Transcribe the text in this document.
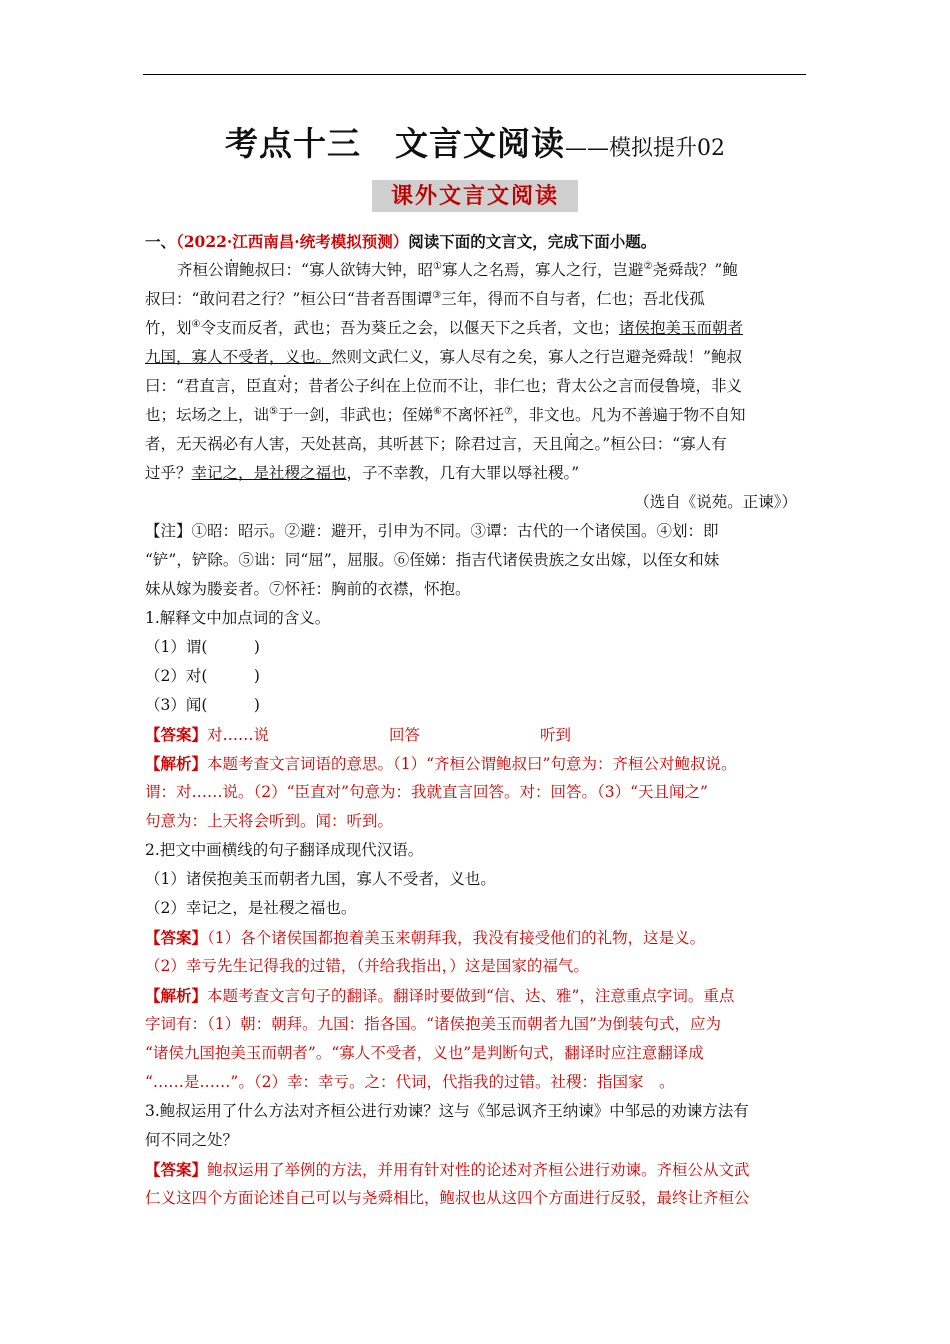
考点十三　文言文阅读——模拟提升02
课外文言文阅读
一、（2022·江西南昌·统考模拟预测）阅读下面的文言文，完成下面小题。
齐桓公谓鲍叔曰：“寡人欲铸大钟，昭①寡人之名焉，寡人之行，岂避②尧舜哉？”鲍
叔曰：“敢问君之行？”桓公曰“昔者吾围谭③三年，得而不自与者，仁也；吾北伐孤
竹，划④令支而反者，武也；吾为葵丘之会，以偃天下之兵者，文也；诸侯抱美玉而朝者
九国，寡人不受者，义也。然则文武仁义，寡人尽有之矣，寡人之行岂避尧舜哉！”鲍叔
曰：“君直言，臣直对；昔者公子纠在上位而不让，非仁也；背太公之言而侵鲁境，非义
也；坛场之上，诎⑤于一剑，非武也；侄娣⑥不离怀衽⑦，非文也。凡为不善遍于物不自知
者，无天祸必有人害，天处甚高，其听甚下；除君过言，天且闻之。”桓公曰：“寡人有
过乎？幸记之，是社稷之福也，子不幸教，几有大罪以辱社稷。”
（选自《说苑。正谏》）
【注】①昭：昭示。②避：避开，引申为不同。③谭：古代的一个诸侯国。④划：即
“铲”，铲除。⑤诎：同“屈”，屈服。⑥侄娣：指吉代诸侯贵族之女出嫁，以侄女和妹
妹从嫁为媵妾者。⑦怀衽：胸前的衣襟，怀抱。
1.解释文中加点词的含义。
（1）谓(　　　)
（2）对(　　　)
（3）闻(　　　)
【答案】对……说	回答	听到
【解析】本题考查文言词语的意思。（1）“齐桓公谓鲍叔曰”句意为：齐桓公对鲍叔说。
谓：对……说。（2）“臣直对”句意为：我就直言回答。对：回答。（3）“天且闻之”
句意为：上天将会听到。闻：听到。
2.把文中画横线的句子翻译成现代汉语。
（1）诸侯抱美玉而朝者九国，寡人不受者，义也。
（2）幸记之，是社稷之福也。
【答案】（1）各个诸侯国都抱着美玉来朝拜我，我没有接受他们的礼物，这是义。
（2）幸亏先生记得我的过错，（并给我指出，）这是国家的福气。
【解析】本题考查文言句子的翻译。翻译时要做到“信、达、雅”，注意重点字词。重点
字词有：（1）朝：朝拜。九国：指各国。“诸侯抱美玉而朝者九国”为倒装句式，应为
“诸侯九国抱美玉而朝者”。“寡人不受者，义也”是判断句式，翻译时应注意翻译成
“……是……”。（2）幸：幸亏。之：代词，代指我的过错。社稷：指国家　。
3.鲍叔运用了什么方法对齐桓公进行劝谏？这与《邹忌讽齐王纳谏》中邹忌的劝谏方法有
何不同之处？
【答案】鲍叔运用了举例的方法，并用有针对性的论述对齐桓公进行劝谏。齐桓公从文武
仁义这四个方面论述自己可以与尧舜相比，鲍叔也从这四个方面进行反驳，最终让齐桓公
